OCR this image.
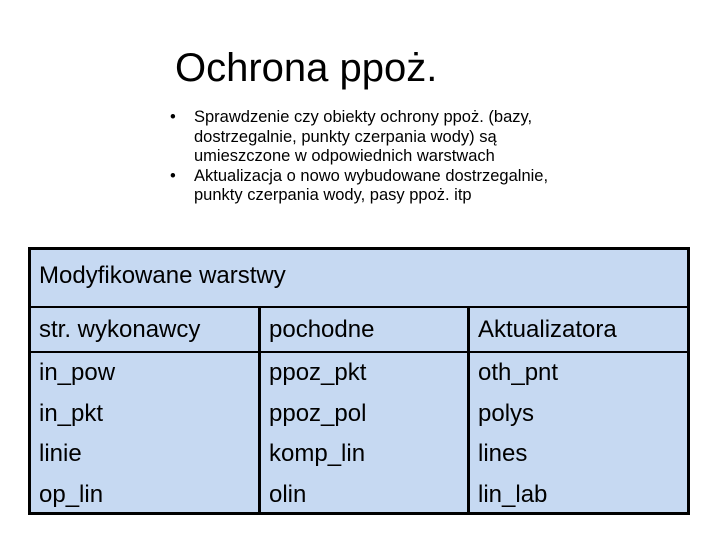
Ochrona ppoż.
• Sprawdzenie czy obiekty ochrony ppoż. (bazy,
dostrzegalnie, punkty czerpania wody) są
umieszczone w odpowiednich warstwach
• Aktualizacja o nowo wybudowane dostrzegalnie,
punkty czerpania wody, pasy ppoż. itp
Modyfikowane warstwy
str. wykonawcy	pochodne	Aktualizatora
in_pow
in_pkt
linie
op_lin
ppoz_pkt
ppoz_pol
komp_lin
olin
oth_pnt
polys
lines
lin_lab
